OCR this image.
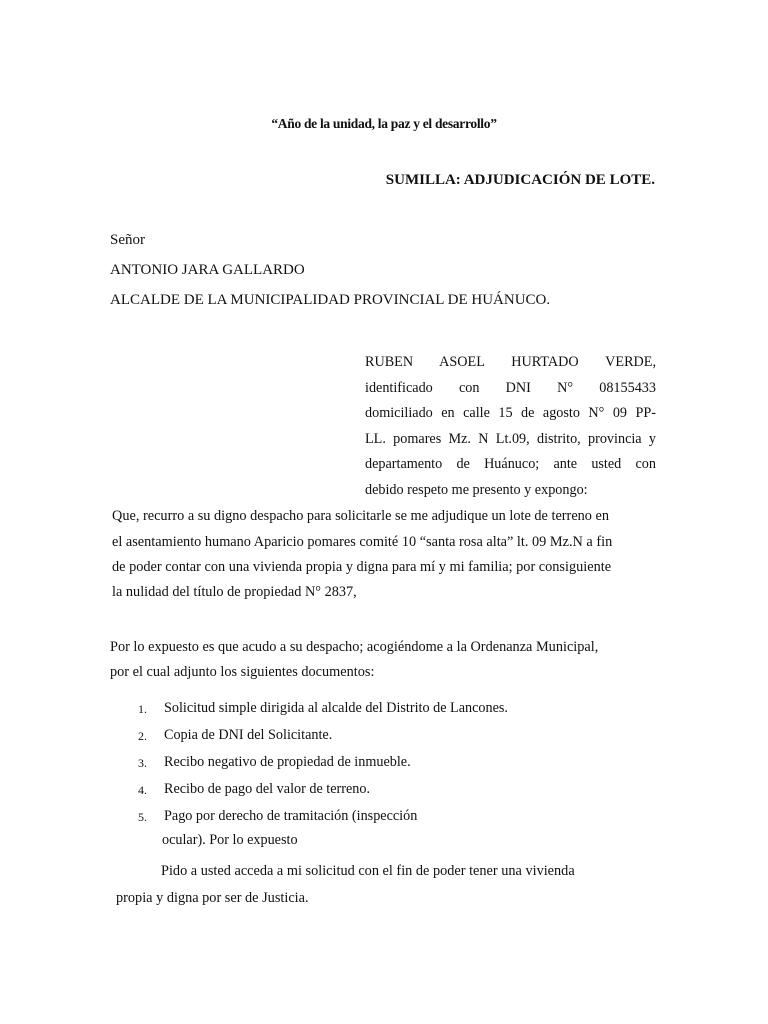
“Año de la unidad, la paz y el desarrollo”
SUMILLA: ADJUDICACIÓN DE LOTE.
Señor
ANTONIO JARA GALLARDO
ALCALDE DE LA MUNICIPALIDAD PROVINCIAL DE HUÁNUCO.
RUBEN ASOEL HURTADO VERDE,
identificado con DNI N° 08155433
domiciliado en calle 15 de agosto N° 09 PP-
LL. pomares Mz. N Lt.09, distrito, provincia y
departamento de Huánuco; ante usted con
debido respeto me presento y expongo:
Que, recurro a su digno despacho para solicitarle se me adjudique un lote de terreno en
el asentamiento humano Aparicio pomares comité 10 “santa rosa alta” lt. 09 Mz.N a fin
de poder contar con una vivienda propia y digna para mí y mi familia; por consiguiente
la nulidad del título de propiedad N° 2837,
Por lo expuesto es que acudo a su despacho; acogiéndome a la Ordenanza Municipal,
por el cual adjunto los siguientes documentos:
1. Solicitud simple dirigida al alcalde del Distrito de Lancones.
2. Copia de DNI del Solicitante.
3. Recibo negativo de propiedad de inmueble.
4. Recibo de pago del valor de terreno.
5. Pago por derecho de tramitación (inspección
ocular). Por lo expuesto
Pido a usted acceda a mi solicitud con el fin de poder tener una vivienda
propia y digna por ser de Justicia.
